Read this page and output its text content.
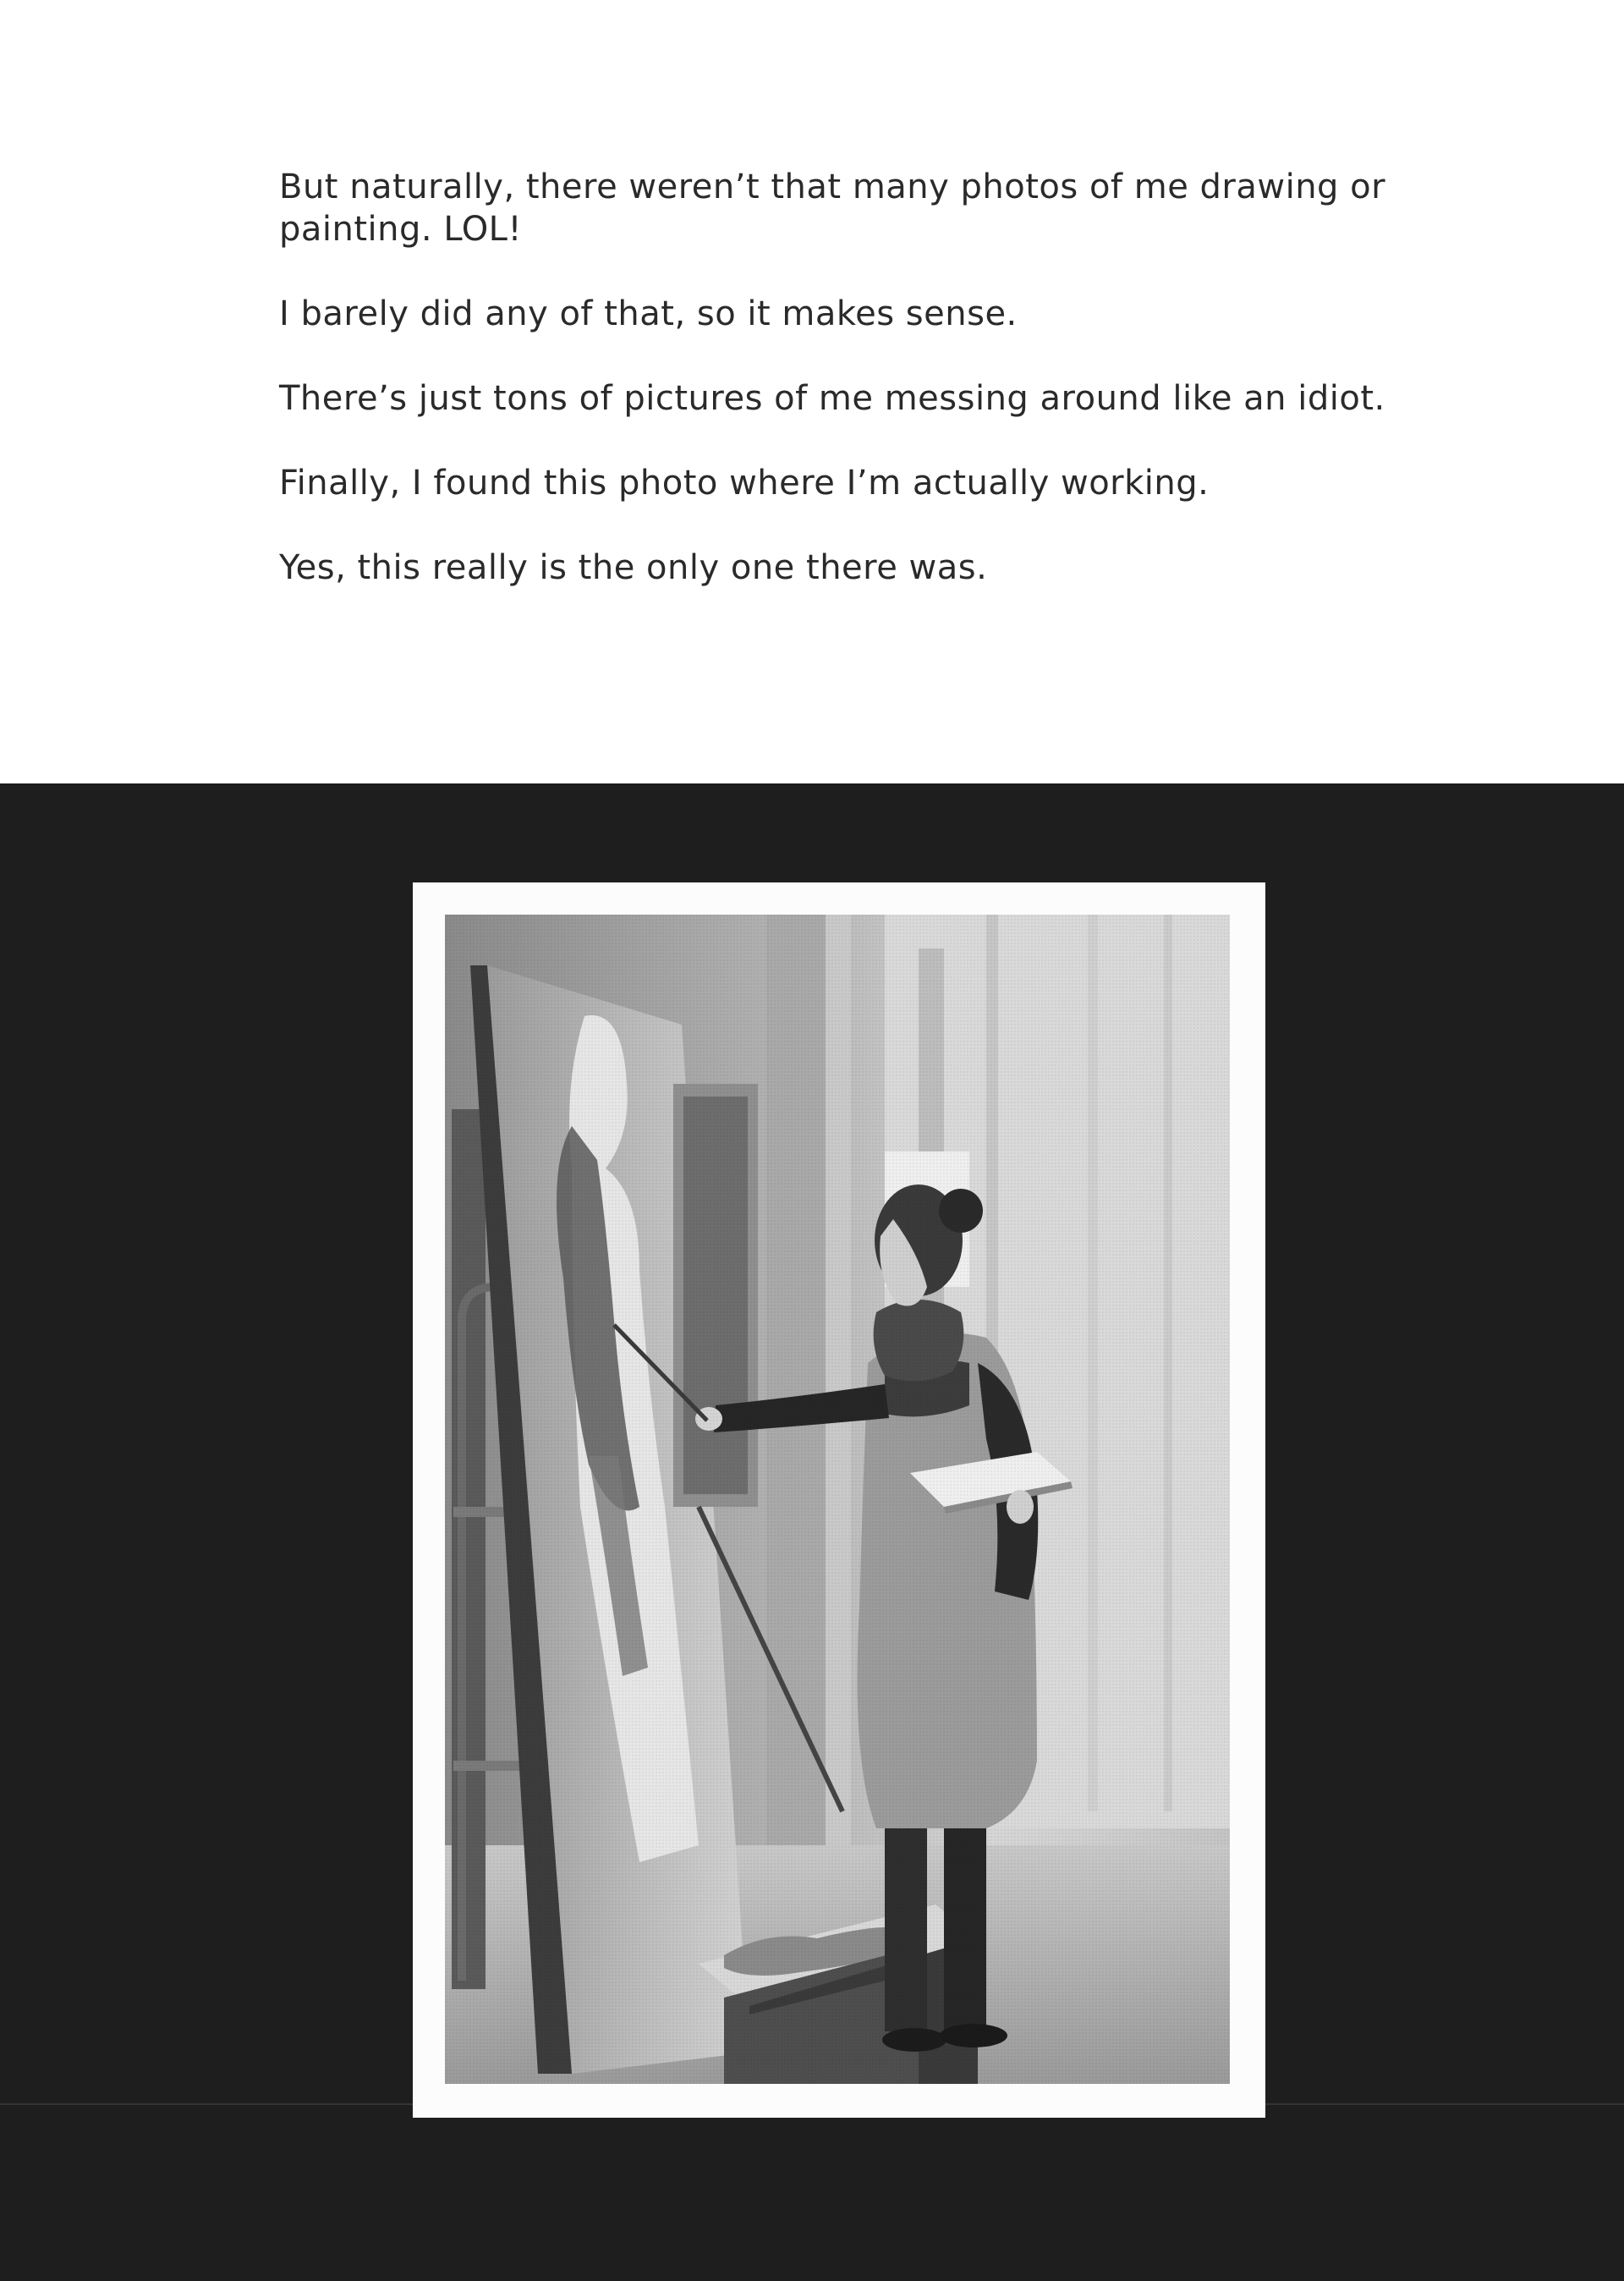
But naturally, there weren’t that many photos of me drawing or painting. LOL!

I barely did any of that, so it makes sense.

There’s just tons of pictures of me messing around like an idiot.

Finally, I found this photo where I’m actually working.

Yes, this really is the only one there was.
